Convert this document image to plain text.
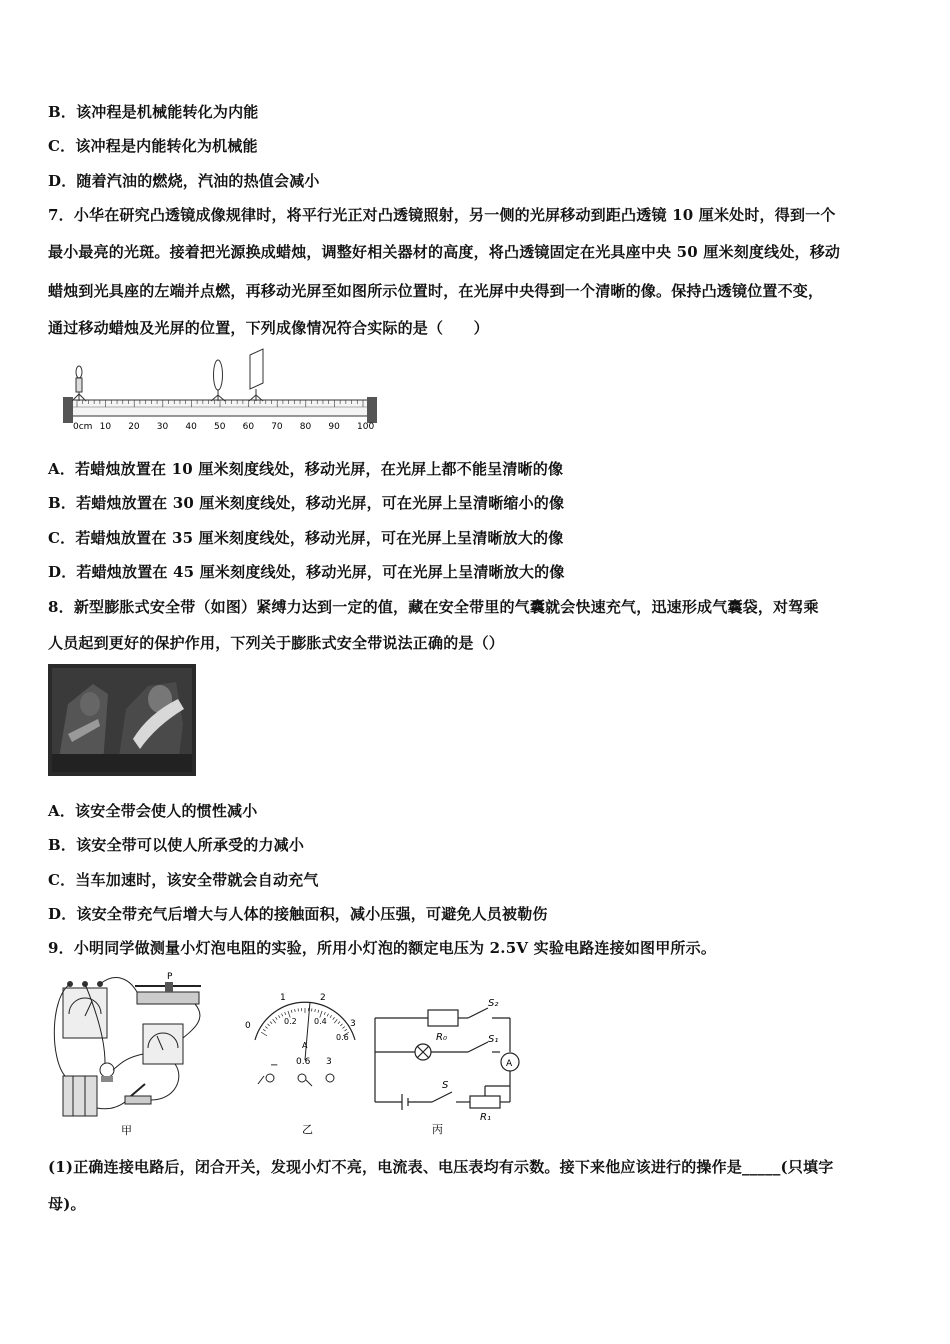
B．该冲程是机械能转化为内能
C．该冲程是内能转化为机械能
D．随着汽油的燃烧，汽油的热值会减小
7．小华在研究凸透镜成像规律时，将平行光正对凸透镜照射，另一侧的光屏移动到距凸透镜 10 厘米处时，得到一个
最小最亮的光斑。接着把光源换成蜡烛，调整好相关器材的高度，将凸透镜固定在光具座中央 50 厘米刻度线处，移动
蜡烛到光具座的左端并点燃，再移动光屏至如图所示位置时，在光屏中央得到一个清晰的像。保持凸透镜位置不变，
通过移动蜡烛及光屏的位置，下列成像情况符合实际的是（　　）
0cm 10 20 30 40 50 60 70 80 90 100
A．若蜡烛放置在 10 厘米刻度线处，移动光屏，在光屏上都不能呈清晰的像
B．若蜡烛放置在 30 厘米刻度线处，移动光屏，可在光屏上呈清晰缩小的像
C．若蜡烛放置在 35 厘米刻度线处，移动光屏，可在光屏上呈清晰放大的像
D．若蜡烛放置在 45 厘米刻度线处，移动光屏，可在光屏上呈清晰放大的像
8．新型膨胀式安全带（如图）紧缚力达到一定的值，藏在安全带里的气囊就会快速充气，迅速形成气囊袋，对驾乘
人员起到更好的保护作用，下列关于膨胀式安全带说法正确的是（）
A．该安全带会使人的惯性减小
B．该安全带可以使人所承受的力减小
C．当车加速时，该安全带就会自动充气
D．该安全带充气后增大与人体的接触面积，减小压强，可避免人员被勒伤
9．小明同学做测量小灯泡电阻的实验，所用小灯泡的额定电压为 2.5V 实验电路连接如图甲所示。
P
甲
0
1
0.2
2
0.4	3
0.6
A
− 0.6 3
乙
S₂
R₀	S₁
A
S
R₁
丙
(1)正确连接电路后，闭合开关，发现小灯不亮，电流表、电压表均有示数。接下来他应该进行的操作是_____(只填字
母)。
